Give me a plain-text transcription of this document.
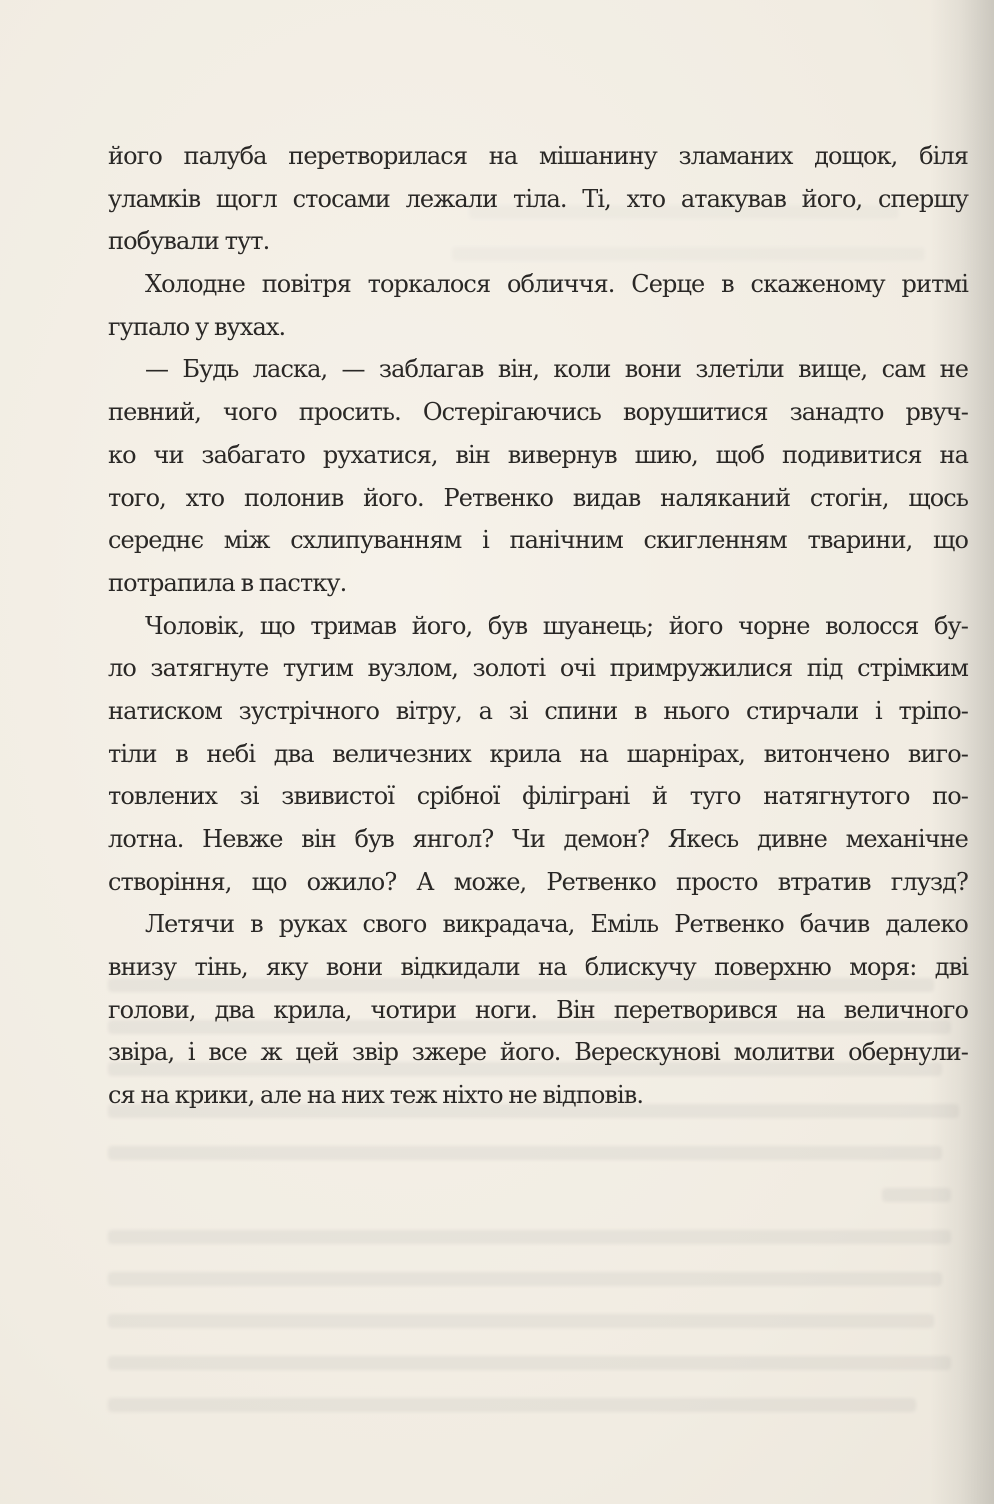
його палуба перетворилася на мішанину зламаних дощок, біля
уламків щогл стосами лежали тіла. Ті, хто атакував його, спершу
побували тут.
Холодне повітря торкалося обличчя. Серце в скаженому ритмі
гупало у вухах.
— Будь ласка, — заблагав він, коли вони злетіли вище, сам не
певний, чого просить. Остерігаючись ворушитися занадто рвуч-
ко чи забагато рухатися, він вивернув шию, щоб подивитися на
того, хто полонив його. Ретвенко видав наляканий стогін, щось
середнє між схлипуванням і панічним скигленням тварини, що
потрапила в пастку.
Чоловік, що тримав його, був шуанець; його чорне волосся бу-
ло затягнуте тугим вузлом, золоті очі примружилися під стрімким
натиском зустрічного вітру, а зі спини в нього стирчали і тріпо-
тіли в небі два величезних крила на шарнірах, витончено виго-
товлених зі звивистої срібної філіграні й туго натягнутого по-
лотна. Невже він був янгол? Чи демон? Якесь дивне механічне
створіння, що ожило? А може, Ретвенко просто втратив глузд?
Летячи в руках свого викрадача, Еміль Ретвенко бачив далеко
внизу тінь, яку вони відкидали на блискучу поверхню моря: дві
голови, два крила, чотири ноги. Він перетворився на величного
звіра, і все ж цей звір зжере його. Верескунові молитви обернули-
ся на крики, але на них теж ніхто не відповів.
